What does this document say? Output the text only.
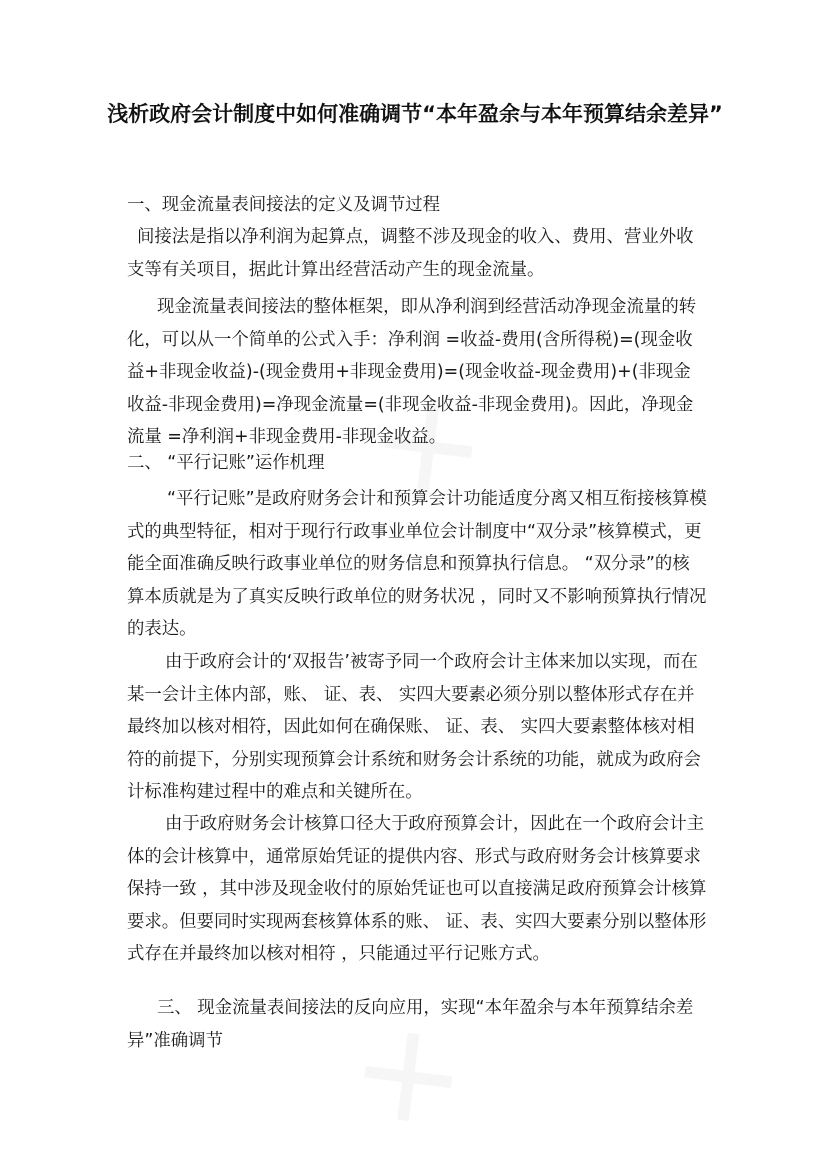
浅析政府会计制度中如何准确调节“本年盈余与本年预算结余差异”
一、现金流量表间接法的定义及调节过程
间接法是指以净利润为起算点，调整不涉及现金的收入、费用、营业外收支等有关项目，据此计算出经营活动产生的现金流量。
现金流量表间接法的整体框架，即从净利润到经营活动净现金流量的转化，可以从一个简单的公式入手：净利润 =收益-费用(含所得税)=(现金收益+非现金收益)-(现金费用+非现金费用)=(现金收益-现金费用)+(非现金收益-非现金费用)=净现金流量=(非现金收益-非现金费用)。因此，净现金流量 =净利润+非现金费用-非现金收益。
二、 “平行记账”运作机理
“平行记账”是政府财务会计和预算会计功能适度分离又相互衔接核算模式的典型特征，相对于现行行政事业单位会计制度中“双分录”核算模式，更能全面准确反映行政事业单位的财务信息和预算执行信息。 “双分录”的核算本质就是为了真实反映行政单位的财务状况 ，同时又不影响预算执行情况的表达。
由于政府会计的‘双报告’被寄予同一个政府会计主体来加以实现，而在某一会计主体内部，账、 证、表、 实四大要素必须分别以整体形式存在并最终加以核对相符，因此如何在确保账、 证、表、 实四大要素整体核对相符的前提下，分别实现预算会计系统和财务会计系统的功能，就成为政府会计标准构建过程中的难点和关键所在。
由于政府财务会计核算口径大于政府预算会计，因此在一个政府会计主体的会计核算中，通常原始凭证的提供内容、形式与政府财务会计核算要求保持一致 ，其中涉及现金收付的原始凭证也可以直接满足政府预算会计核算要求。但要同时实现两套核算体系的账、 证、表、实四大要素分别以整体形式存在并最终加以核对相符 ，只能通过平行记账方式。
三、 现金流量表间接法的反向应用，实现“本年盈余与本年预算结余差异”准确调节
